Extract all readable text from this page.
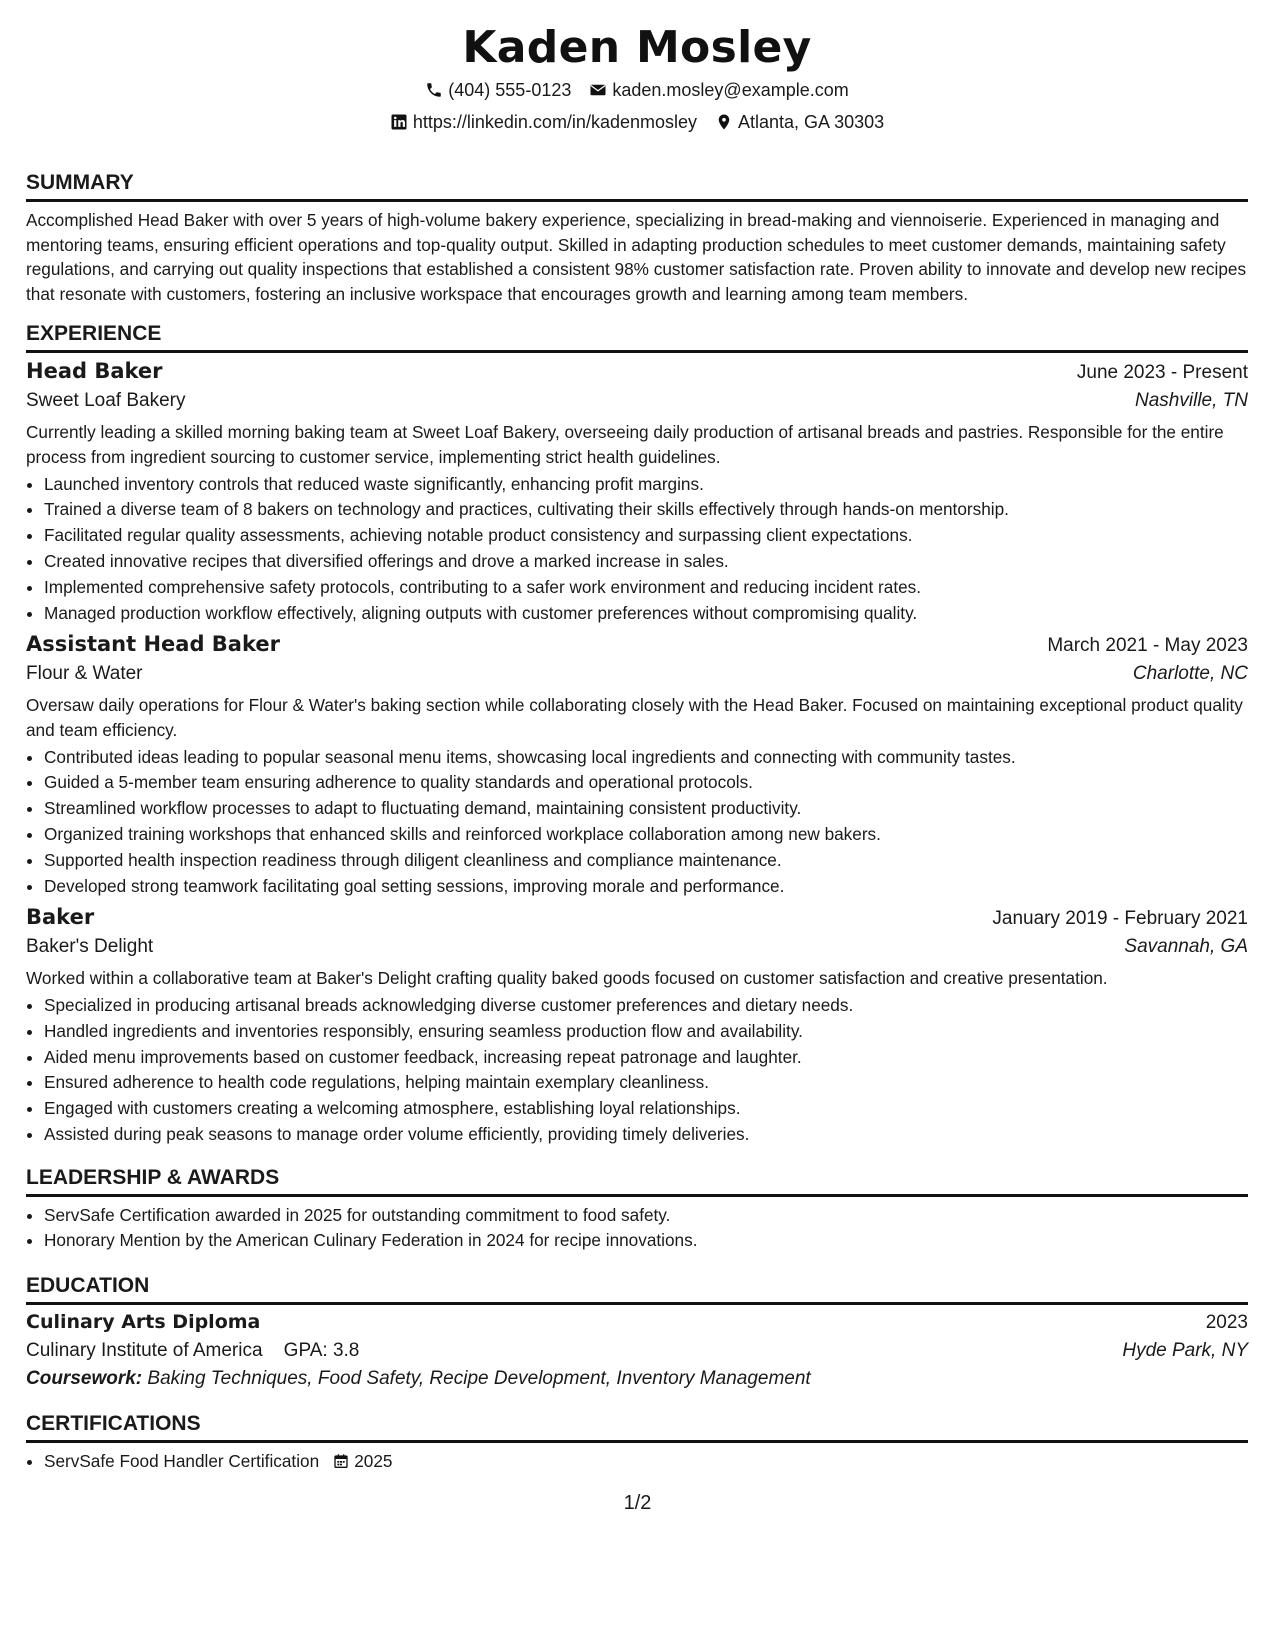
Kaden Mosley
(404) 555-0123 kaden.mosley@example.com
https://linkedin.com/in/kadenmosley Atlanta, GA 30303
SUMMARY

Accomplished Head Baker with over 5 years of high-volume bakery experience, specializing in bread-making and viennoiserie. Experienced in managing and mentoring teams, ensuring efficient operations and top-quality output. Skilled in adapting production schedules to meet customer demands, maintaining safety regulations, and carrying out quality inspections that established a consistent 98% customer satisfaction rate. Proven ability to innovate and develop new recipes that resonate with customers, fostering an inclusive workspace that encourages growth and learning among team members.

EXPERIENCE
Head Baker	June 2023 - Present
Sweet Loaf Bakery	Nashville, TN

Currently leading a skilled morning baking team at Sweet Loaf Bakery, overseeing daily production of artisanal breads and pastries. Responsible for the entire process from ingredient sourcing to customer service, implementing strict health guidelines.

• Launched inventory controls that reduced waste significantly, enhancing profit margins.
• Trained a diverse team of 8 bakers on technology and practices, cultivating their skills effectively through hands-on mentorship.
• Facilitated regular quality assessments, achieving notable product consistency and surpassing client expectations.
• Created innovative recipes that diversified offerings and drove a marked increase in sales.
• Implemented comprehensive safety protocols, contributing to a safer work environment and reducing incident rates.
• Managed production workflow effectively, aligning outputs with customer preferences without compromising quality.
Assistant Head Baker	March 2021 - May 2023
Flour & Water	Charlotte, NC

Oversaw daily operations for Flour & Water's baking section while collaborating closely with the Head Baker. Focused on maintaining exceptional product quality and team efficiency.

• Contributed ideas leading to popular seasonal menu items, showcasing local ingredients and connecting with community tastes.
• Guided a 5-member team ensuring adherence to quality standards and operational protocols.
• Streamlined workflow processes to adapt to fluctuating demand, maintaining consistent productivity.
• Organized training workshops that enhanced skills and reinforced workplace collaboration among new bakers.
• Supported health inspection readiness through diligent cleanliness and compliance maintenance.
• Developed strong teamwork facilitating goal setting sessions, improving morale and performance.
Baker	January 2019 - February 2021
Baker's Delight	Savannah, GA

Worked within a collaborative team at Baker's Delight crafting quality baked goods focused on customer satisfaction and creative presentation.

• Specialized in producing artisanal breads acknowledging diverse customer preferences and dietary needs.
• Handled ingredients and inventories responsibly, ensuring seamless production flow and availability.
• Aided menu improvements based on customer feedback, increasing repeat patronage and laughter.
• Ensured adherence to health code regulations, helping maintain exemplary cleanliness.
• Engaged with customers creating a welcoming atmosphere, establishing loyal relationships.
• Assisted during peak seasons to manage order volume efficiently, providing timely deliveries.
LEADERSHIP & AWARDS
• ServSafe Certification awarded in 2025 for outstanding commitment to food safety.
• Honorary Mention by the American Culinary Federation in 2024 for recipe innovations.
EDUCATION
Culinary Arts Diploma	2023
Culinary Institute of America GPA: 3.8	Hyde Park, NY
Coursework: Baking Techniques, Food Safety, Recipe Development, Inventory Management
CERTIFICATIONS
• ServSafe Food Handler Certification 2025
1/2
